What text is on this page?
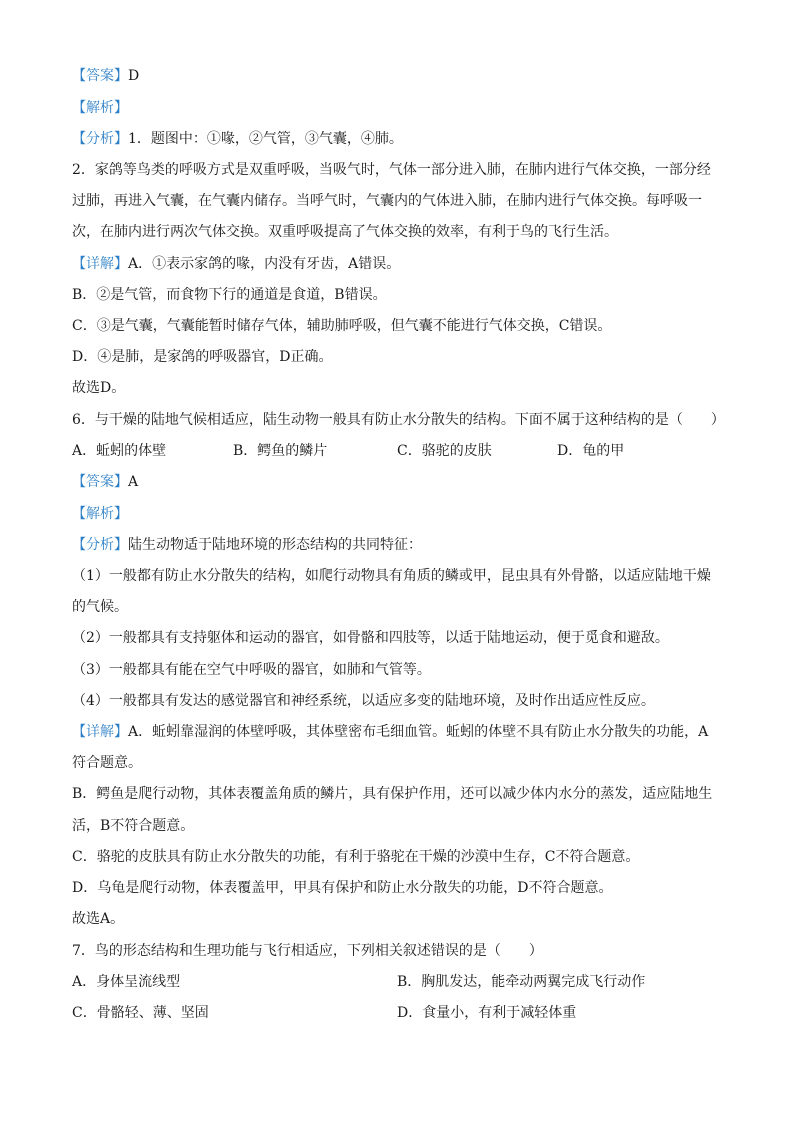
【答案】D
【解析】
【分析】1．题图中：①喙，②气管，③气囊，④肺。
2．家鸽等鸟类的呼吸方式是双重呼吸，当吸气时，气体一部分进入肺，在肺内进行气体交换，一部分经
过肺，再进入气囊，在气囊内储存。当呼气时，气囊内的气体进入肺，在肺内进行气体交换。每呼吸一
次，在肺内进行两次气体交换。双重呼吸提高了气体交换的效率，有利于鸟的飞行生活。
【详解】A．①表示家鸽的喙，内没有牙齿，A错误。
B．②是气管，而食物下行的通道是食道，B错误。
C．③是气囊，气囊能暂时储存气体，辅助肺呼吸，但气囊不能进行气体交换，C错误。
D．④是肺，是家鸽的呼吸器官，D正确。
故选D。
6．与干燥的陆地气候相适应，陆生动物一般具有防止水分散失的结构。下面不属于这种结构的是（　　）
A．蚯蚓的体壁	B．鳄鱼的鳞片	C．骆驼的皮肤	D．龟的甲
【答案】A
【解析】
【分析】陆生动物适于陆地环境的形态结构的共同特征：
（1）一般都有防止水分散失的结构，如爬行动物具有角质的鳞或甲，昆虫具有外骨骼，以适应陆地干燥
的气候。
（2）一般都具有支持躯体和运动的器官，如骨骼和四肢等，以适于陆地运动，便于觅食和避敌。
（3）一般都具有能在空气中呼吸的器官，如肺和气管等。
（4）一般都具有发达的感觉器官和神经系统，以适应多变的陆地环境，及时作出适应性反应。
【详解】A．蚯蚓靠湿润的体壁呼吸，其体壁密布毛细血管。蚯蚓的体壁不具有防止水分散失的功能，A
符合题意。
B．鳄鱼是爬行动物，其体表覆盖角质的鳞片，具有保护作用，还可以减少体内水分的蒸发，适应陆地生
活，B不符合题意。
C．骆驼的皮肤具有防止水分散失的功能，有利于骆驼在干燥的沙漠中生存，C不符合题意。
D．乌龟是爬行动物，体表覆盖甲，甲具有保护和防止水分散失的功能，D不符合题意。
故选A。
7．鸟的形态结构和生理功能与飞行相适应，下列相关叙述错误的是（　　）
A．身体呈流线型	B．胸肌发达，能牵动两翼完成飞行动作
C．骨骼轻、薄、坚固	D．食量小，有利于减轻体重
